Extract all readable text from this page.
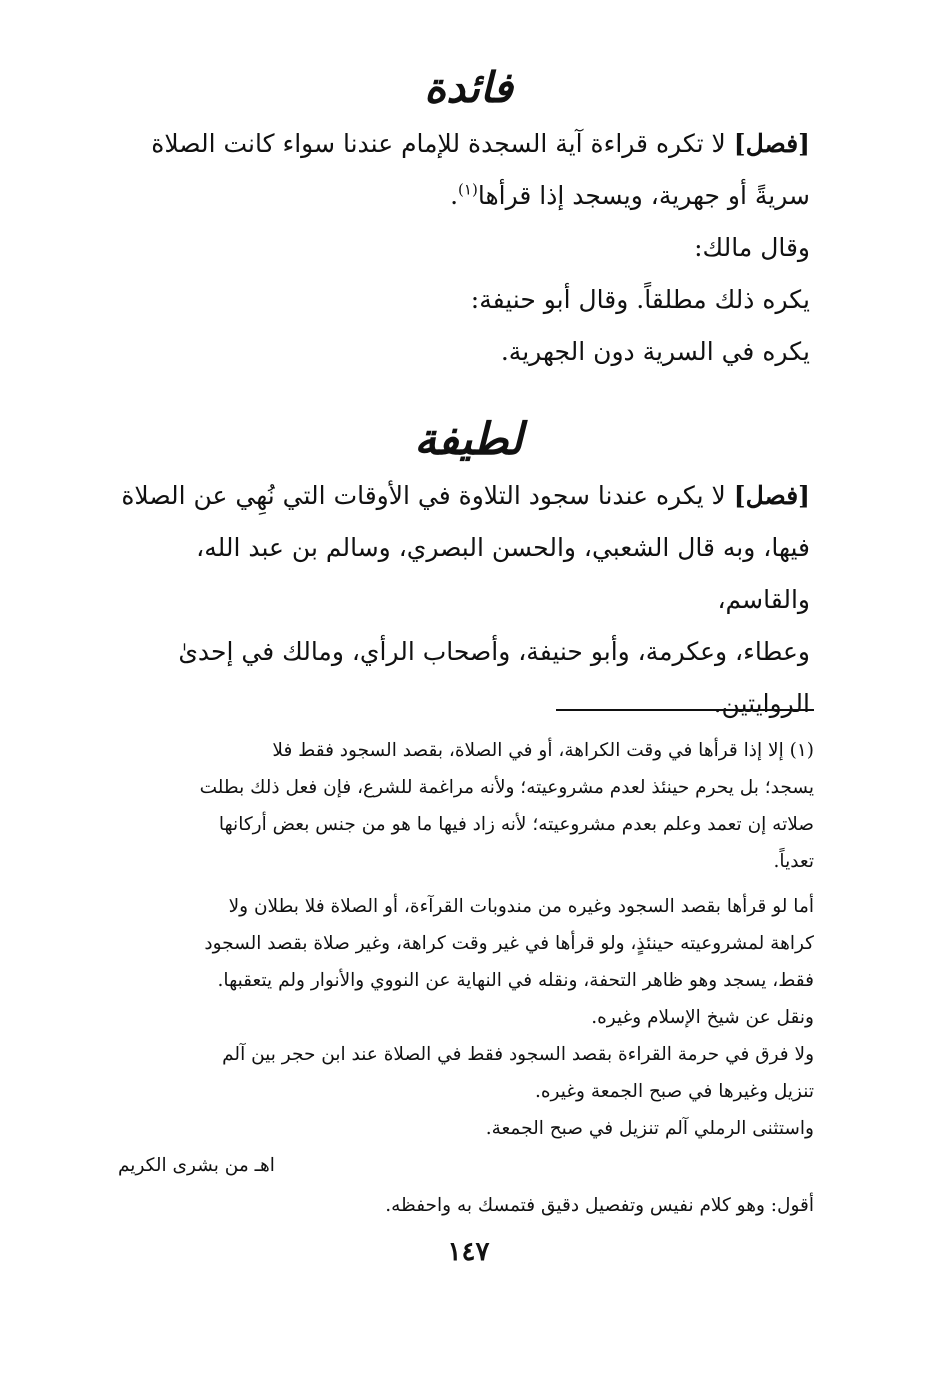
فائدة

[فصل] لا تكره قراءة آية السجدة للإمام عندنا سواء كانت الصلاة

سريةً أو جهرية، ويسجد إذا قرأها$^{(١)}$.

وقال مالك:

يكره ذلك مطلقاً. وقال أبو حنيفة:

يكره في السرية دون الجهرية.

لطيفة

[فصل] لا يكره عندنا سجود التلاوة في الأوقات التي نُهِي عن الصلاة

فيها، وبه قال الشعبي، والحسن البصري، وسالم بن عبد الله، والقاسم،

وعطاء، وعكرمة، وأبو حنيفة، وأصحاب الرأي، ومالك في إحدىٰ

الروايتين.

(١) إلا إذا قرأها في وقت الكراهة، أو في الصلاة، بقصد السجود فقط فلا

يسجد؛ بل يحرم حينئذ لعدم مشروعيته؛ ولأنه مراغمة للشرع، فإن فعل ذلك بطلت

صلاته إن تعمد وعلم بعدم مشروعيته؛ لأنه زاد فيها ما هو من جنس بعض أركانها

تعدياً.

أما لو قرأها بقصد السجود وغيره من مندوبات القرآءة، أو الصلاة فلا بطلان ولا

كراهة لمشروعيته حينئذٍ، ولو قرأها في غير وقت كراهة، وغير صلاة بقصد السجود

فقط، يسجد وهو ظاهر التحفة، ونقله في النهاية عن النووي والأنوار ولم يتعقبها.

ونقل عن شيخ الإسلام وغيره.

ولا فرق في حرمة القراءة بقصد السجود فقط في الصلاة عند ابن حجر بين آلم

تنزيل وغيرها في صبح الجمعة وغيره.

واستثنى الرملي آلم تنزيل في صبح الجمعة.

اهـ من بشرى الكريم

أقول: وهو كلام نفيس وتفصيل دقيق فتمسك به واحفظه.

١٤٧
